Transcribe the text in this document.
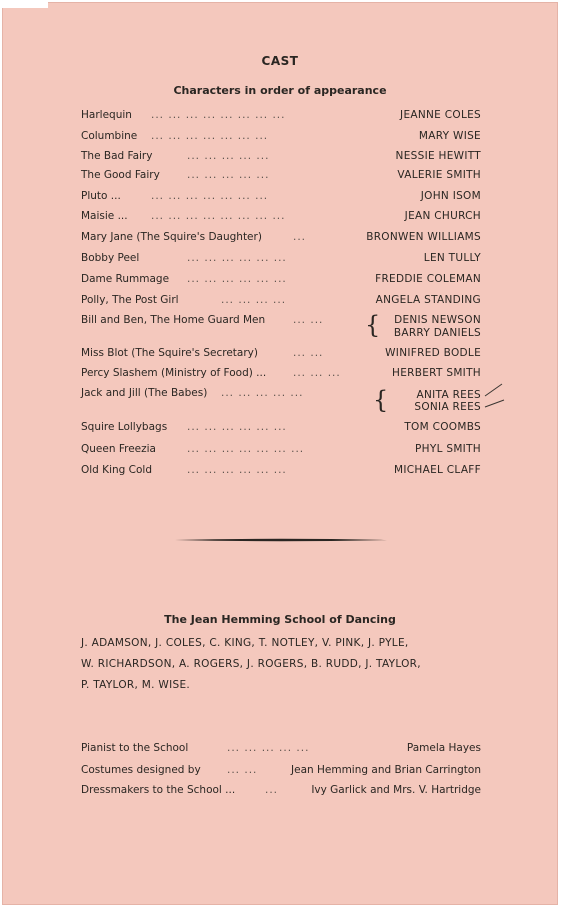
CAST
Characters in order of appearance
Harlequin ... ... ... ... ... ... ... ...	JEANNE COLES
Columbine ... ... ... ... ... ... ...	MARY WISE
The Bad Fairy	... ... ... ... ...	NESSIE HEWITT
The Good Fairy	... ... ... ... ...	VALERIE SMITH
Pluto ...	... ... ... ... ... ... ...	JOHN ISOM
Maisie ... ... ... ... ... ... ... ... ...	JEAN CHURCH
Mary Jane (The Squire's Daughter)	...	BRONWEN WILLIAMS
Bobby Peel	... ... ... ... ... ...	LEN TULLY
Dame Rummage ... ... ... ... ... ...	FREDDIE COLEMAN
Polly, The Post Girl	... ... ... ...	ANGELA STANDING
Bill and Ben, The Home Guard Men	... ... { DENIS NEWSON
BARRY DANIELS
Miss Blot (The Squire's Secretary)	... ...	WINIFRED BODLE
Percy Slashem (Ministry of Food) ...	... ... ...	HERBERT SMITH
Jack and Jill (The Babes) ... ... ... ... ...	{	ANITA REES
SONIA REES
Squire Lollybags ... ... ... ... ... ...	TOM COOMBS
Queen Freezia	... ... ... ... ... ... ...	PHYL SMITH
Old King Cold	... ... ... ... ... ...	MICHAEL CLAFF
The Jean Hemming School of Dancing
J. ADAMSON, J. COLES, C. KING, T. NOTLEY, V. PINK, J. PYLE,
W. RICHARDSON, A. ROGERS, J. ROGERS, B. RUDD, J. TAYLOR,
P. TAYLOR, M. WISE.
Pianist to the School	... ... ... ... ...	Pamela Hayes
Costumes designed by	... ...	Jean Hemming and Brian Carrington
Dressmakers to the School ...	...	Ivy Garlick and Mrs. V. Hartridge
